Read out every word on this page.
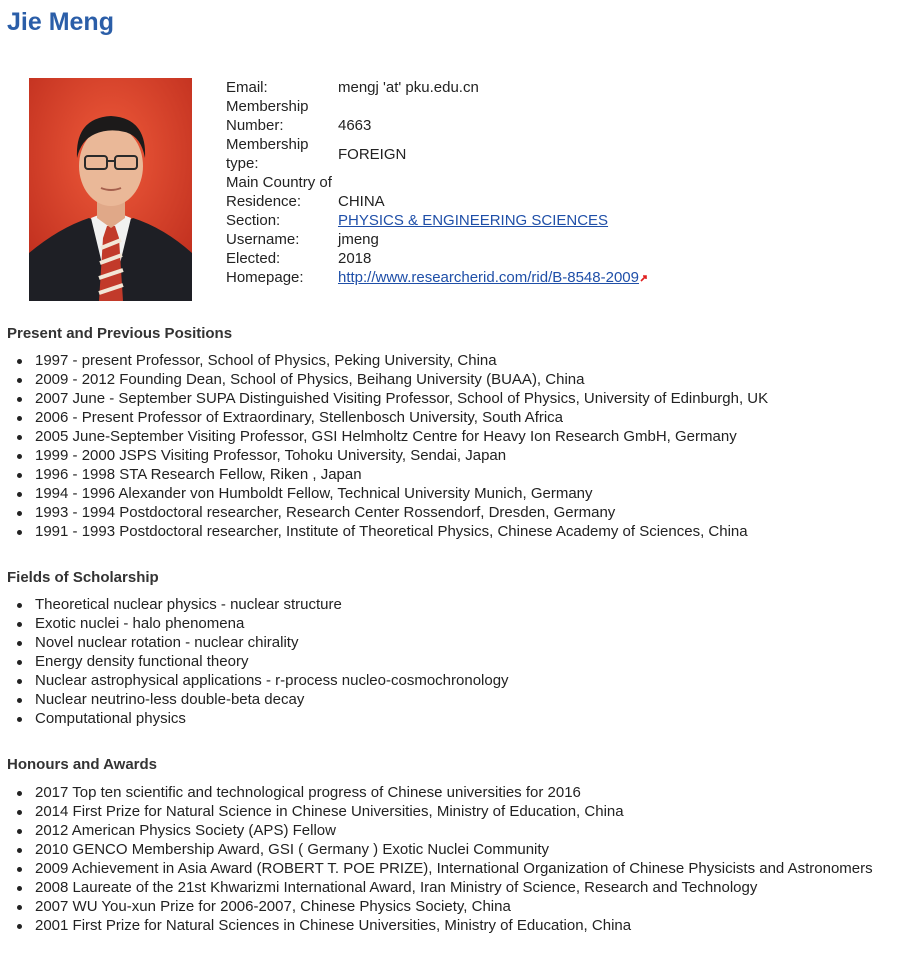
Jie Meng
Email:	mengj 'at' pku.edu.cn
Membership
Number:	4663
Membership
type:	FOREIGN
Main Country of
Residence:	CHINA
Section:	PHYSICS & ENGINEERING SCIENCES
Username:	jmeng
Elected:	2018
Homepage:	http://www.researcherid.com/rid/B-8548-2009
Present and Previous Positions
1997 - present Professor, School of Physics, Peking University, China
2009 - 2012 Founding Dean, School of Physics, Beihang University (BUAA), China
2007 June - September SUPA Distinguished Visiting Professor, School of Physics, University of Edinburgh, UK
2006 - Present Professor of Extraordinary, Stellenbosch University, South Africa
2005 June-September Visiting Professor, GSI Helmholtz Centre for Heavy Ion Research GmbH, Germany
1999 - 2000 JSPS Visiting Professor, Tohoku University, Sendai, Japan
1996 - 1998 STA Research Fellow, Riken , Japan
1994 - 1996 Alexander von Humboldt Fellow, Technical University Munich, Germany
1993 - 1994 Postdoctoral researcher, Research Center Rossendorf, Dresden, Germany
1991 - 1993 Postdoctoral researcher, Institute of Theoretical Physics, Chinese Academy of Sciences, China
Fields of Scholarship
Theoretical nuclear physics - nuclear structure
Exotic nuclei - halo phenomena
Novel nuclear rotation - nuclear chirality
Energy density functional theory
Nuclear astrophysical applications - r-process nucleo-cosmochronology
Nuclear neutrino-less double-beta decay
Computational physics
Honours and Awards
2017 Top ten scientific and technological progress of Chinese universities for 2016
2014 First Prize for Natural Science in Chinese Universities, Ministry of Education, China
2012 American Physics Society (APS) Fellow
2010 GENCO Membership Award, GSI ( Germany ) Exotic Nuclei Community
2009 Achievement in Asia Award (ROBERT T. POE PRIZE), International Organization of Chinese Physicists and Astronomers
2008 Laureate of the 21st Khwarizmi International Award, Iran Ministry of Science, Research and Technology
2007 WU You-xun Prize for 2006-2007, Chinese Physics Society, China
2001 First Prize for Natural Sciences in Chinese Universities, Ministry of Education, China
